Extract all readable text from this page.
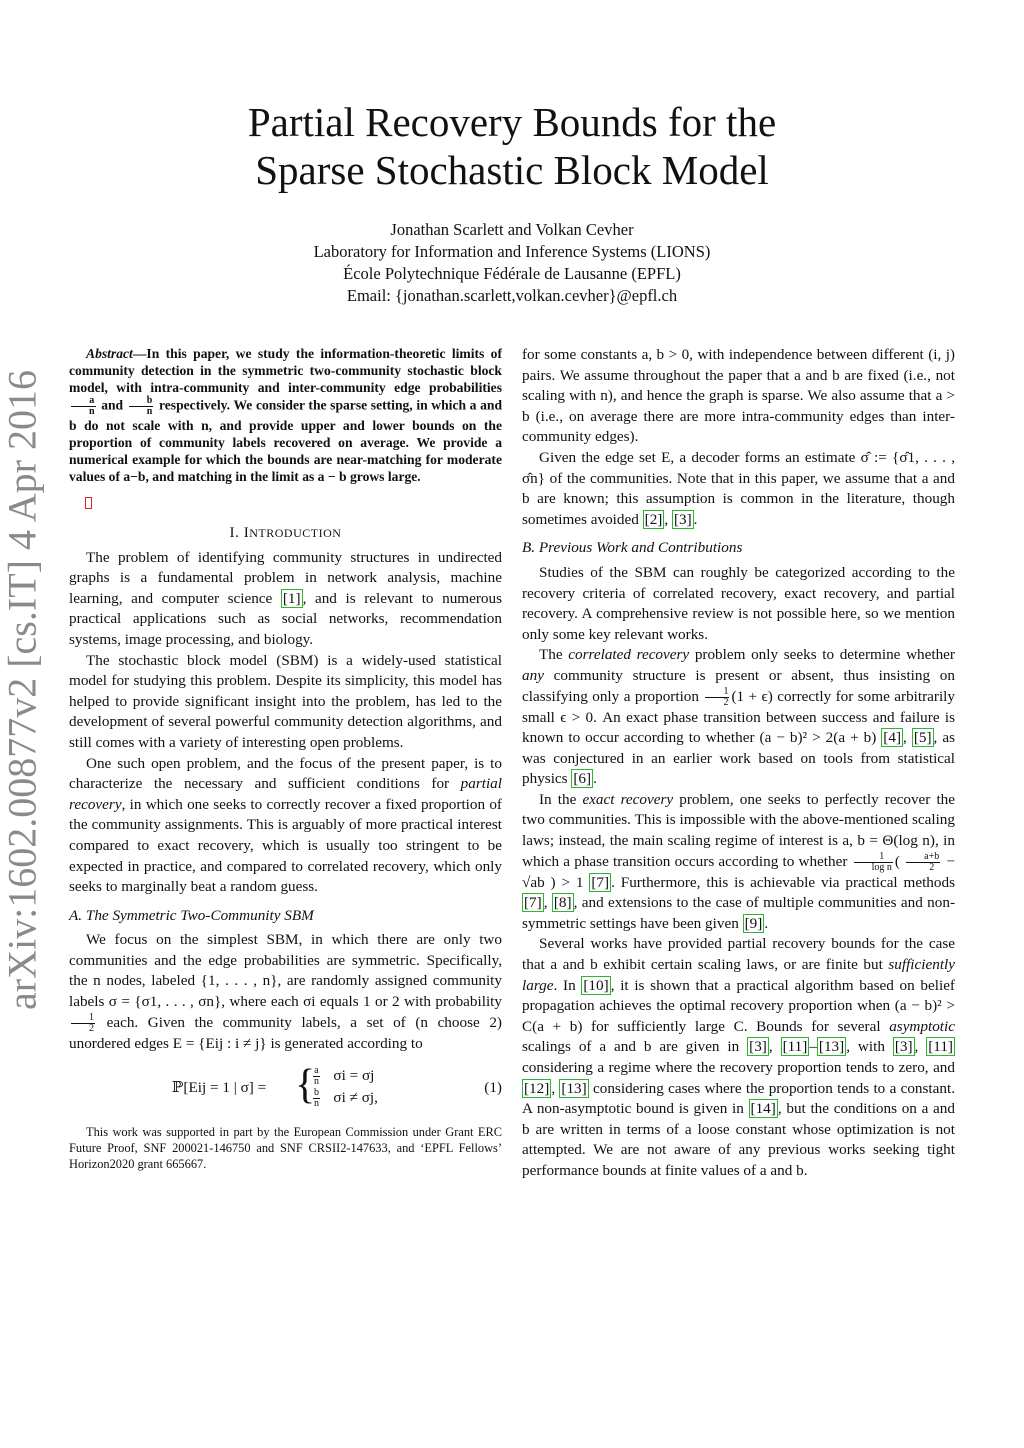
arXiv:1602.00877v2 [cs.IT] 4 Apr 2016
Partial Recovery Bounds for the
Sparse Stochastic Block Model
Jonathan Scarlett and Volkan Cevher
Laboratory for Information and Inference Systems (LIONS)
École Polytechnique Fédérale de Lausanne (EPFL)
Email: {jonathan.scarlett,volkan.cevher}@epfl.ch

Abstract—In this paper, we study the information-theoretic limits of community detection in the symmetric two-community stochastic block model, with intra-community and inter-community edge probabilities
$\frac{a}{n}$ and $\frac{b}{n}$ respectively. We consider the sparse setting, in which a and b do not scale with n, and provide upper and lower bounds on the proportion of community labels recovered on average. We provide a numerical example for which the bounds are near-matching for moderate values of a−b, and matching in the limit as a − b grows large.

I. INTRODUCTION

The problem of identifying community structures in undirected graphs is a fundamental problem in network analysis, machine learning, and computer science [1] , and is relevant to numerous practical applications such as social networks, recommendation systems, image processing, and biology.

The stochastic block model (SBM) is a widely-used statistical model for studying this problem. Despite its simplicity, this model has helped to provide significant insight into the problem, has led to the development of several powerful community detection algorithms, and still comes with a variety of interesting open problems.

One such open problem, and the focus of the present paper, is to characterize the necessary and sufficient conditions for partial recovery, in which one seeks to correctly recover a fixed proportion of the community assignments. This is arguably of more practical interest compared to exact recovery, which is usually too stringent to be expected in practice, and compared to correlated recovery, which only seeks to marginally beat a random guess.

A. The Symmetric Two-Community SBM

We focus on the simplest SBM, in which there are only two communities and the edge probabilities are symmetric. Specifically, the n nodes, labeled {1, . . . , n}, are randomly assigned community labels σ = {σ1, . . . , σn}, where each σi equals 1 or 2 with probability
$\frac{1}{2}$ each. Given the community labels, a set of (n choose 2) unordered edges E = {Eij : i ≠ j} is generated according to

ℙ[Eij = 1 | σ] = {
$\frac{a}{n}$ σi = σj
$\frac{b}{n}$ σi ≠ σj,
(1)

This work was supported in part by the European Commission under Grant ERC Future Proof, SNF 200021-146750 and SNF CRSII2-147633, and ‘EPFL Fellows’ Horizon2020 grant 665667.

for some constants a, b > 0, with independence between different (i, j) pairs. We assume throughout the paper that a and b are fixed (i.e., not scaling with n), and hence the graph is sparse. We also assume that a > b (i.e., on average there are more intra-community edges than inter-community edges).

Given the edge set E, a decoder forms an estimate σ̂ := {σ̂1, . . . , σ̂n} of the communities. Note that in this paper, we assume that a and b are known; this assumption is common in the literature, though sometimes avoided [2] , [3] .

B. Previous Work and Contributions

Studies of the SBM can roughly be categorized according to the recovery criteria of correlated recovery, exact recovery, and partial recovery. A comprehensive review is not possible here, so we mention only some key relevant works.

The correlated recovery problem only seeks to determine whether any community structure is present or absent, thus insisting on classifying only a proportion $\frac{1}{2} (1 + \epsilon)$ correctly for some arbitrarily small ϵ > 0. An exact phase transition between success and failure is known to occur according to whether (a − b)² > 2(a + b) [4] , [5] , as was conjectured in an earlier work based on tools from statistical physics [6] .

In the exact recovery problem, one seeks to perfectly recover the two communities. This is impossible with the above-mentioned scaling laws; instead, the main scaling regime of interest is a, b = Θ(log n), in which a phase transition occurs according to whether $\frac{1}{\text{log n}}$ ( $\frac{a+b}{2} - √ab$ ) > 1 [7] . Furthermore, this is achievable via practical methods [7] , [8] , and extensions to the case of multiple communities and non-symmetric settings have been given [9] .

Several works have provided partial recovery bounds for the case that a and b exhibit certain scaling laws, or are finite but sufficiently large. In [10] , it is shown that a practical algorithm based on belief propagation achieves the optimal recovery proportion when (a − b)² > C(a + b) for sufficiently large C. Bounds for several asymptotic scalings of a and b are given in [3] , [11] – [13] , with [3] , [11] considering a regime where the recovery proportion tends to zero, and [12] , [13] considering cases where the proportion tends to a constant. A non-asymptotic bound is given in [14] , but the conditions on a and b are written in terms of a loose constant whose optimization is not attempted. We are not aware of any previous works seeking tight performance bounds at finite values of a and b.
